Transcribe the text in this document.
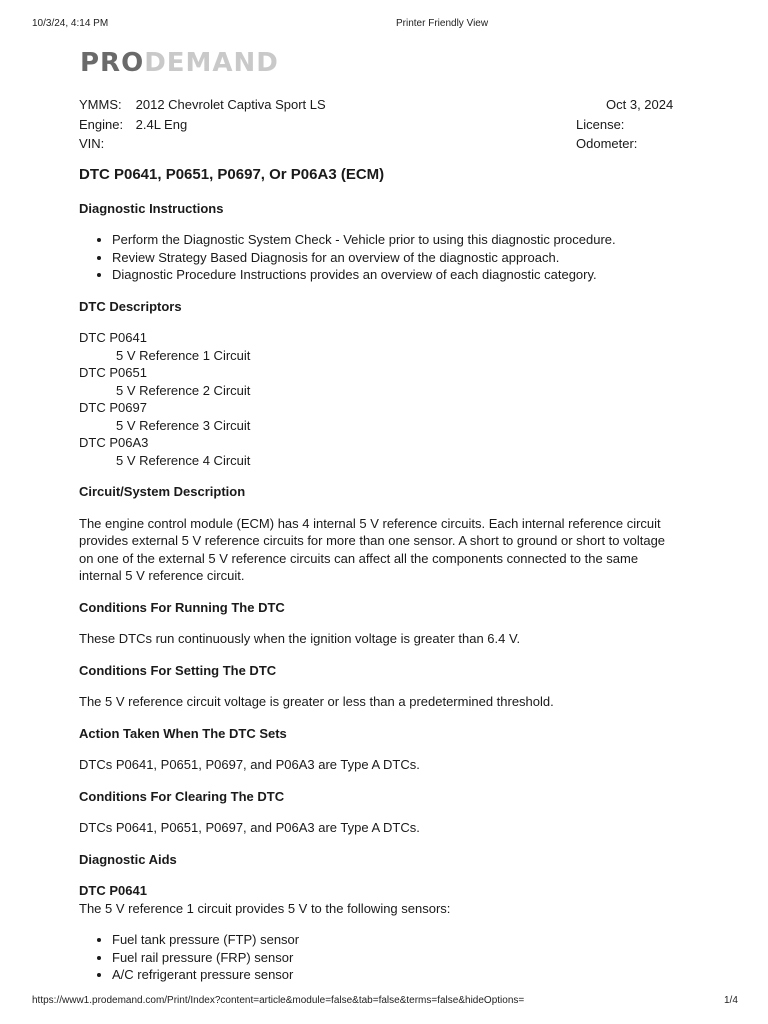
10/3/24, 4:14 PM	Printer Friendly View
PRODEMAND
YMMS: 2012 Chevrolet Captiva Sport LS
Engine: 2.4L Eng
VIN:
Oct 3, 2024
License:
Odometer:
DTC P0641, P0651, P0697, Or P06A3 (ECM)
Diagnostic Instructions
• Perform the Diagnostic System Check - Vehicle prior to using this diagnostic procedure.
• Review Strategy Based Diagnosis for an overview of the diagnostic approach.
• Diagnostic Procedure Instructions provides an overview of each diagnostic category.
DTC Descriptors
DTC P0641
5 V Reference 1 Circuit
DTC P0651
5 V Reference 2 Circuit
DTC P0697
5 V Reference 3 Circuit
DTC P06A3
5 V Reference 4 Circuit
Circuit/System Description

The engine control module (ECM) has 4 internal 5 V reference circuits. Each internal reference circuit provides external 5 V reference circuits for more than one sensor. A short to ground or short to voltage on one of the external 5 V reference circuits can affect all the components connected to the same internal 5 V reference circuit.

Conditions For Running The DTC

These DTCs run continuously when the ignition voltage is greater than 6.4 V.

Conditions For Setting The DTC

The 5 V reference circuit voltage is greater or less than a predetermined threshold.

Action Taken When The DTC Sets

DTCs P0641, P0651, P0697, and P06A3 are Type A DTCs.

Conditions For Clearing The DTC

DTCs P0641, P0651, P0697, and P06A3 are Type A DTCs.

Diagnostic Aids
DTC P0641

The 5 V reference 1 circuit provides 5 V to the following sensors:

• Fuel tank pressure (FTP) sensor
• Fuel rail pressure (FRP) sensor
• A/C refrigerant pressure sensor
https://www1.prodemand.com/Print/Index?content=article&module=false&tab=false&terms=false&hideOptions=	1/4
